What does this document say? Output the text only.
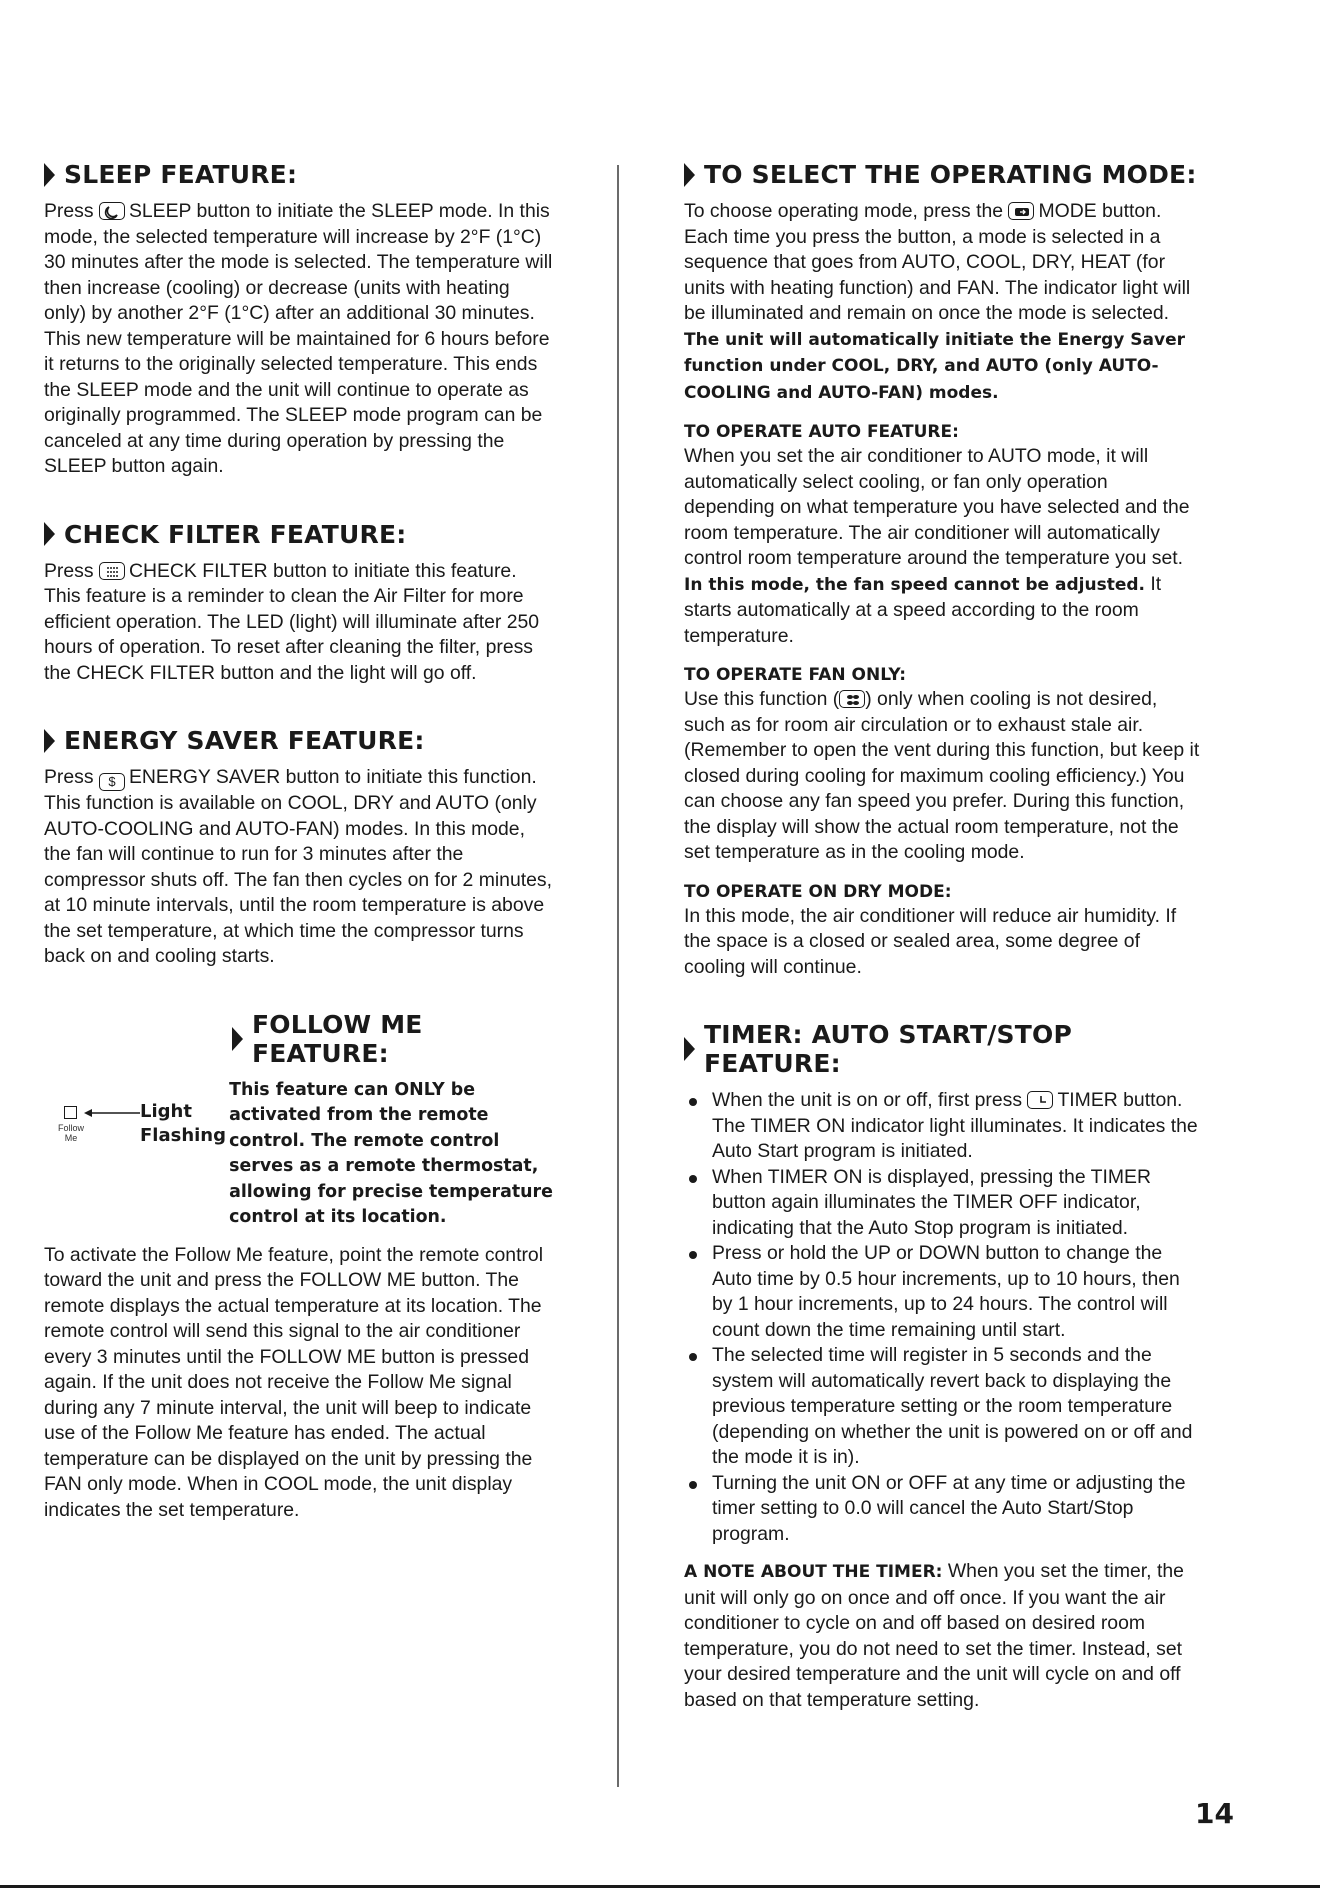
SLEEP FEATURE:

Press SLEEP button to initiate the SLEEP mode. In this mode, the selected temperature will increase by 2°F (1°C) 30 minutes after the mode is selected. The temperature will then increase (cooling) or decrease (units with heating only) by another 2°F (1°C) after an additional 30 minutes. This new temperature will be maintained for 6 hours before it returns to the originally selected temperature. This ends the SLEEP mode and the unit will continue to operate as originally programmed. The SLEEP mode program can be canceled at any time during operation by pressing the SLEEP button again.

CHECK FILTER FEATURE:

Press CHECK FILTER button to initiate this feature. This feature is a reminder to clean the Air Filter for more efficient operation. The LED (light) will illuminate after 250 hours of operation. To reset after cleaning the filter, press the CHECK FILTER button and the light will go off.

ENERGY SAVER FEATURE:

Press $ ENERGY SAVER button to initiate this function. This function is available on COOL, DRY and AUTO (only AUTO-COOLING and AUTO-FAN) modes. In this mode, the fan will continue to run for 3 minutes after the compressor shuts off. The fan then cycles on for 2 minutes, at 10 minute intervals, until the room temperature is above the set temperature, at which time the compressor turns back on and cooling starts.

FOLLOW ME FEATURE:
Light Flashing
Follow
Me
This feature can ONLY be activated from the remote control. The remote control serves as a remote thermostat, allowing for precise temperature control at its location.

To activate the Follow Me feature, point the remote control toward the unit and press the FOLLOW ME button. The remote displays the actual temperature at its location. The remote control will send this signal to the air conditioner every 3 minutes until the FOLLOW ME button is pressed again. If the unit does not receive the Follow Me signal during any 7 minute interval, the unit will beep to indicate use of the Follow Me feature has ended. The actual temperature can be displayed on the unit by pressing the FAN only mode. When in COOL mode, the unit display indicates the set temperature.

TO SELECT THE OPERATING MODE:

To choose operating mode, press the MODE button. Each time you press the button, a mode is selected in a sequence that goes from AUTO, COOL, DRY, HEAT (for units with heating function) and FAN. The indicator light will be illuminated and remain on once the mode is selected. The unit will automatically initiate the Energy Saver function under COOL, DRY, and AUTO (only AUTO-COOLING and AUTO-FAN) modes.

TO OPERATE AUTO FEATURE:

When you set the air conditioner to AUTO mode, it will automatically select cooling, or fan only operation depending on what temperature you have selected and the room temperature. The air conditioner will automatically control room temperature around the temperature you set. In this mode, the fan speed cannot be adjusted. It starts automatically at a speed according to the room temperature.

TO OPERATE FAN ONLY:

Use this function ( ) only when cooling is not desired, such as for room air circulation or to exhaust stale air. (Remember to open the vent during this function, but keep it closed during cooling for maximum cooling efficiency.) You can choose any fan speed you prefer. During this function, the display will show the actual room temperature, not the set temperature as in the cooling mode.

TO OPERATE ON DRY MODE:

In this mode, the air conditioner will reduce air humidity. If the space is a closed or sealed area, some degree of cooling will continue.

TIMER: AUTO START/STOP FEATURE:
When the unit is on or off, first press TIMER button. The TIMER ON indicator light illuminates. It indicates the Auto Start program is initiated.
When TIMER ON is displayed, pressing the TIMER button again illuminates the TIMER OFF indicator, indicating that the Auto Stop program is initiated.
Press or hold the UP or DOWN button to change the Auto time by 0.5 hour increments, up to 10 hours, then by 1 hour increments, up to 24 hours. The control will count down the time remaining until start.
The selected time will register in 5 seconds and the system will automatically revert back to displaying the previous temperature setting or the room temperature (depending on whether the unit is powered on or off and the mode it is in).
Turning the unit ON or OFF at any time or adjusting the timer setting to 0.0 will cancel the Auto Start/Stop program.

A NOTE ABOUT THE TIMER: When you set the timer, the unit will only go on once and off once. If you want the air conditioner to cycle on and off based on desired room temperature, you do not need to set the timer. Instead, set your desired temperature and the unit will cycle on and off based on that temperature setting.

14
